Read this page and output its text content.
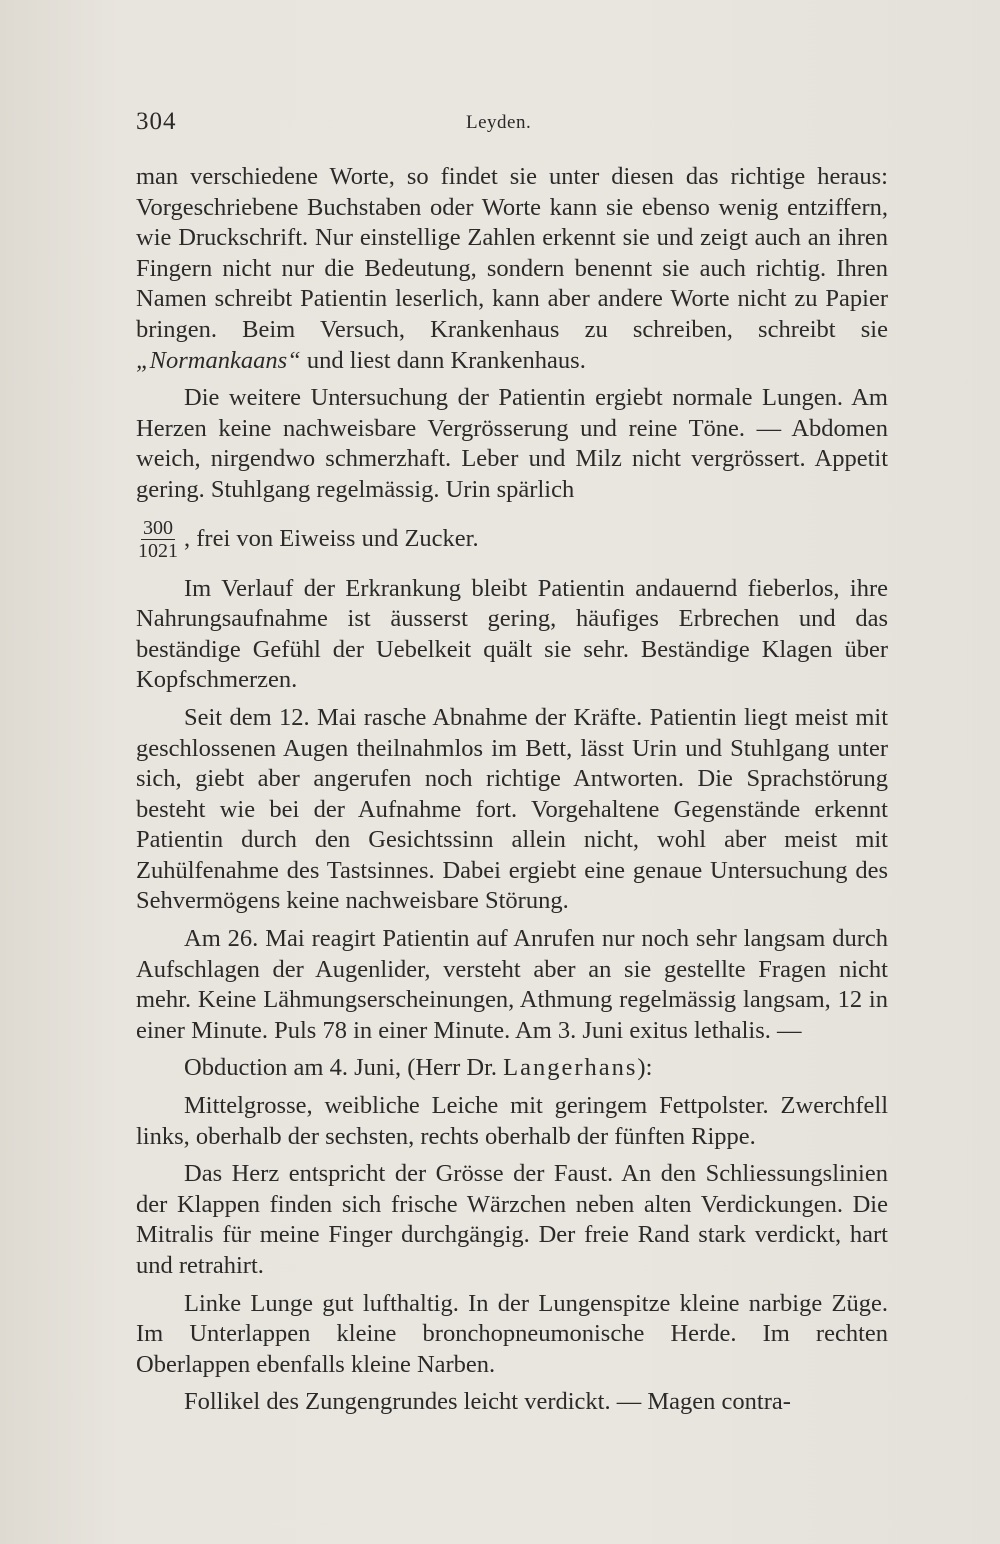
304	Leyden.

man verschiedene Worte, so findet sie unter diesen das richtige heraus: Vorgeschriebene Buchstaben oder Worte kann sie ebenso wenig entziffern, wie Druckschrift. Nur einstellige Zahlen erkennt sie und zeigt auch an ihren Fingern nicht nur die Bedeutung, sondern benennt sie auch richtig. Ihren Namen schreibt Patientin leserlich, kann aber andere Worte nicht zu Papier bringen. Beim Versuch, Krankenhaus zu schreiben, schreibt sie „Normankaans“ und liest dann Krankenhaus.

Die weitere Untersuchung der Patientin ergiebt normale Lungen. Am Herzen keine nachweisbare Vergrösserung und reine Töne. — Abdomen weich, nirgendwo schmerzhaft. Leber und Milz nicht vergrössert. Appetit gering. Stuhlgang regelmässig. Urin spärlich

$\frac{300}{1021}$ , frei von Eiweiss und Zucker.

Im Verlauf der Erkrankung bleibt Patientin andauernd fieberlos, ihre Nahrungsaufnahme ist äusserst gering, häufiges Erbrechen und das beständige Gefühl der Uebelkeit quält sie sehr. Beständige Klagen über Kopfschmerzen.

Seit dem 12. Mai rasche Abnahme der Kräfte. Patientin liegt meist mit geschlossenen Augen theilnahmlos im Bett, lässt Urin und Stuhlgang unter sich, giebt aber angerufen noch richtige Antworten. Die Sprachstörung besteht wie bei der Aufnahme fort. Vorgehaltene Gegenstände erkennt Patientin durch den Gesichtssinn allein nicht, wohl aber meist mit Zuhülfenahme des Tastsinnes. Dabei ergiebt eine genaue Untersuchung des Sehvermögens keine nachweisbare Störung.

Am 26. Mai reagirt Patientin auf Anrufen nur noch sehr langsam durch Aufschlagen der Augenlider, versteht aber an sie gestellte Fragen nicht mehr. Keine Lähmungserscheinungen, Athmung regelmässig langsam, 12 in einer Minute. Puls 78 in einer Minute. Am 3. Juni exitus lethalis. —

Obduction am 4. Juni, (Herr Dr. Langerhans):

Mittelgrosse, weibliche Leiche mit geringem Fettpolster. Zwerchfell links, oberhalb der sechsten, rechts oberhalb der fünften Rippe.

Das Herz entspricht der Grösse der Faust. An den Schliessungslinien der Klappen finden sich frische Wärzchen neben alten Verdickungen. Die Mitralis für meine Finger durchgängig. Der freie Rand stark verdickt, hart und retrahirt.

Linke Lunge gut lufthaltig. In der Lungenspitze kleine narbige Züge. Im Unterlappen kleine bronchopneumonische Herde. Im rechten Oberlappen ebenfalls kleine Narben.

Follikel des Zungengrundes leicht verdickt. — Magen contra-
